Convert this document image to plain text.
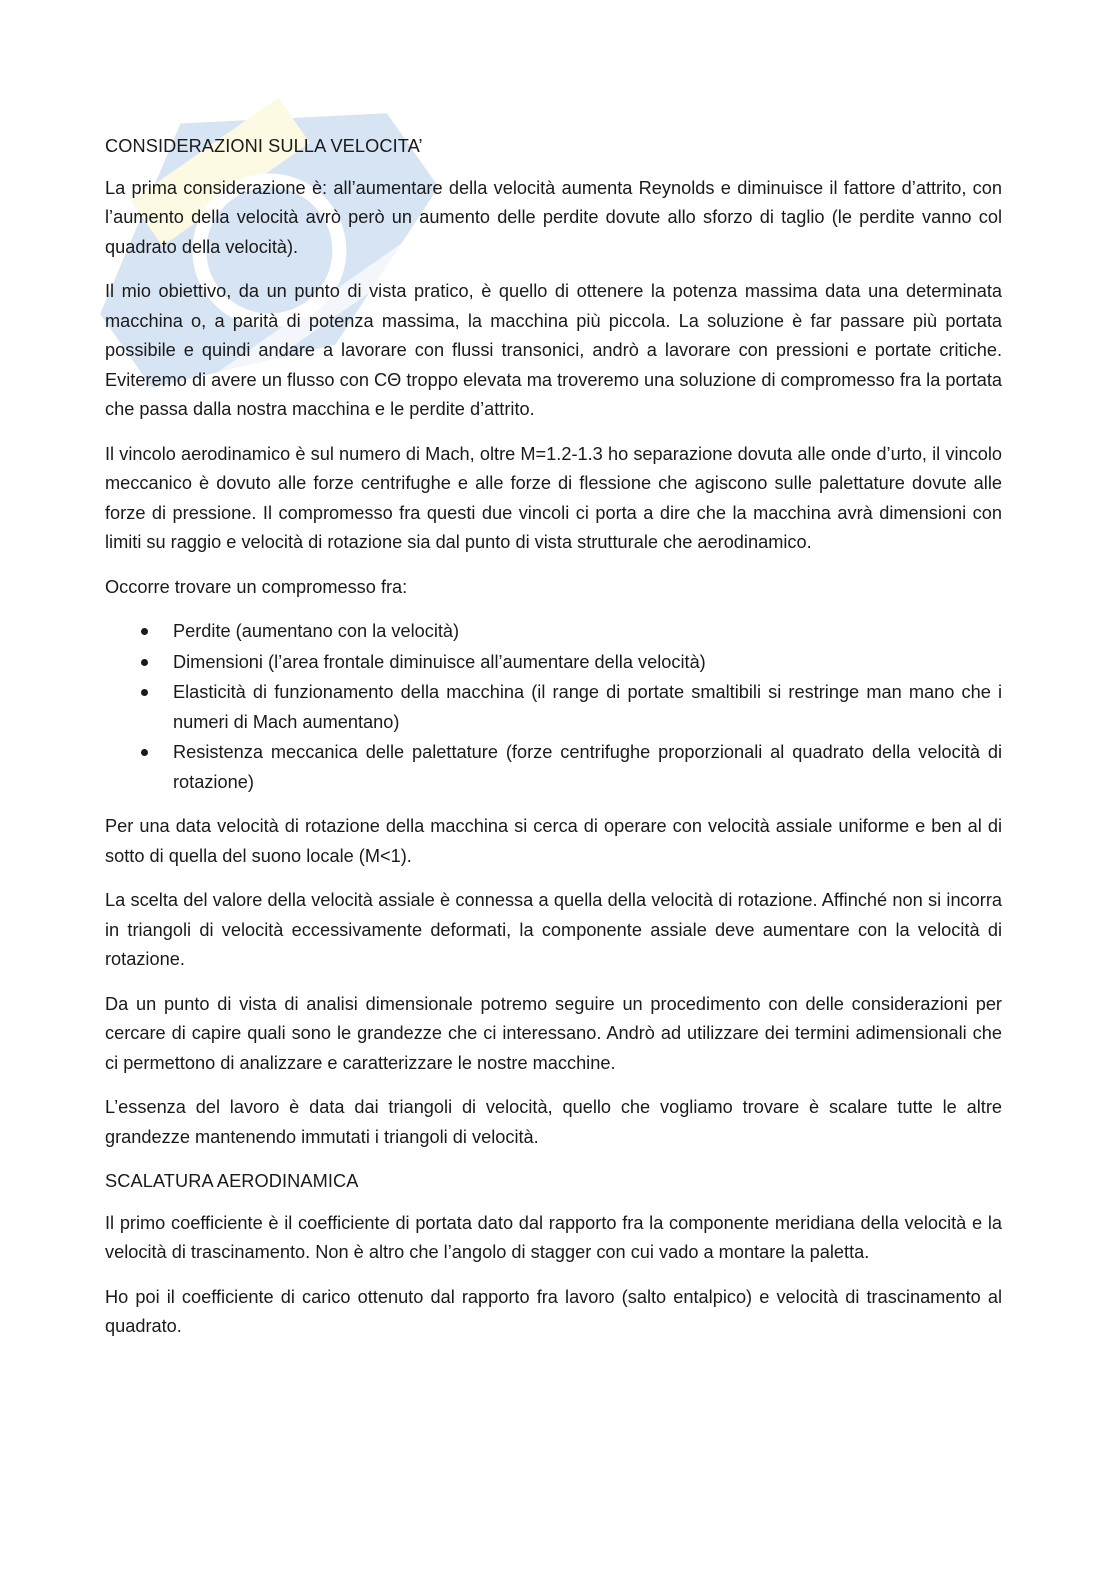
CONSIDERAZIONI SULLA VELOCITA’

La prima considerazione è: all’aumentare della velocità aumenta Reynolds e diminuisce il fattore d’attrito, con l’aumento della velocità avrò però un aumento delle perdite dovute allo sforzo di taglio (le perdite vanno col quadrato della velocità).

Il mio obiettivo, da un punto di vista pratico, è quello di ottenere la potenza massima data una determinata macchina o, a parità di potenza massima, la macchina più piccola. La soluzione è far passare più portata possibile e quindi andare a lavorare con flussi transonici, andrò a lavorare con pressioni e portate critiche. Eviteremo di avere un flusso con CΘ troppo elevata ma troveremo una soluzione di compromesso fra la portata che passa dalla nostra macchina e le perdite d’attrito.

Il vincolo aerodinamico è sul numero di Mach, oltre M=1.2-1.3 ho separazione dovuta alle onde d’urto, il vincolo meccanico è dovuto alle forze centrifughe e alle forze di flessione che agiscono sulle palettature dovute alle forze di pressione. Il compromesso fra questi due vincoli ci porta a dire che la macchina avrà dimensioni con limiti su raggio e velocità di rotazione sia dal punto di vista strutturale che aerodinamico.

Occorre trovare un compromesso fra:

Perdite (aumentano con la velocità)
Dimensioni (l’area frontale diminuisce all’aumentare della velocità)
Elasticità di funzionamento della macchina (il range di portate smaltibili si restringe man mano che i numeri di Mach aumentano)
Resistenza meccanica delle palettature (forze centrifughe proporzionali al quadrato della velocità di rotazione)

Per una data velocità di rotazione della macchina si cerca di operare con velocità assiale uniforme e ben al di sotto di quella del suono locale (M<1).

La scelta del valore della velocità assiale è connessa a quella della velocità di rotazione. Affinché non si incorra in triangoli di velocità eccessivamente deformati, la componente assiale deve aumentare con la velocità di rotazione.

Da un punto di vista di analisi dimensionale potremo seguire un procedimento con delle considerazioni per cercare di capire quali sono le grandezze che ci interessano. Andrò ad utilizzare dei termini adimensionali che ci permettono di analizzare e caratterizzare le nostre macchine.

L’essenza del lavoro è data dai triangoli di velocità, quello che vogliamo trovare è scalare tutte le altre grandezze mantenendo immutati i triangoli di velocità.

SCALATURA AERODINAMICA

Il primo coefficiente è il coefficiente di portata dato dal rapporto fra la componente meridiana della velocità e la velocità di trascinamento. Non è altro che l’angolo di stagger con cui vado a montare la paletta.

Ho poi il coefficiente di carico ottenuto dal rapporto fra lavoro (salto entalpico) e velocità di trascinamento al quadrato.
